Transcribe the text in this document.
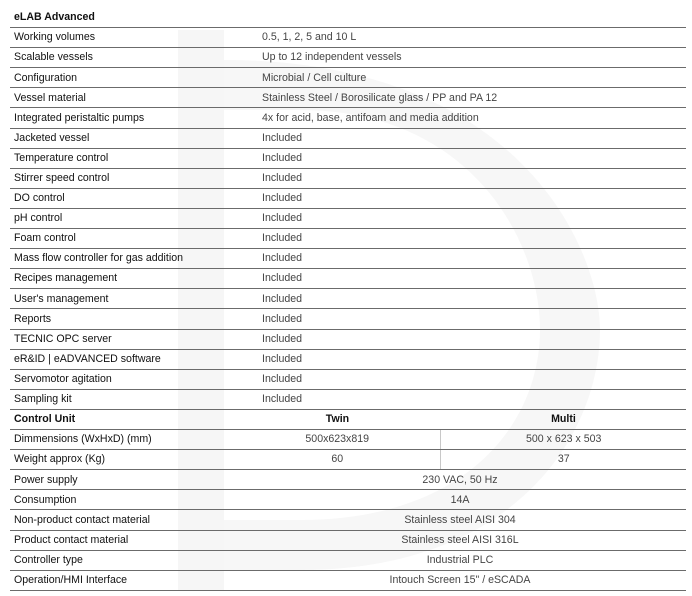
eLAB Advanced	
Working volumes	0.5, 1, 2, 5 and 10 L
Scalable vessels	Up to 12 independent vessels
Configuration	Microbial / Cell culture
Vessel material	Stainless Steel / Borosilicate glass / PP and PA 12
Integrated peristaltic pumps	4x for acid, base, antifoam and media addition
Jacketed vessel	Included
Temperature control	Included
Stirrer speed control	Included
DO control	Included
pH control	Included
Foam control	Included
Mass flow controller for gas addition	Included
Recipes management	Included
User's management	Included
Reports	Included
TECNIC OPC server	Included
eR&ID | eADVANCED software	Included
Servomotor agitation	Included
Sampling kit	Included
Control Unit	Twin	Multi
Dimmensions (WxHxD) (mm)	500x623x819	500 x 623 x 503
Weight approx (Kg)	60	37
Power supply	230 VAC, 50 Hz	
Consumption	14A	
Non-product contact material	Stainless steel AISI 304	
Product contact material	Stainless steel AISI 316L	
Controller type	Industrial PLC	
Operation/HMI Interface	Intouch Screen 15" / eSCADA	
